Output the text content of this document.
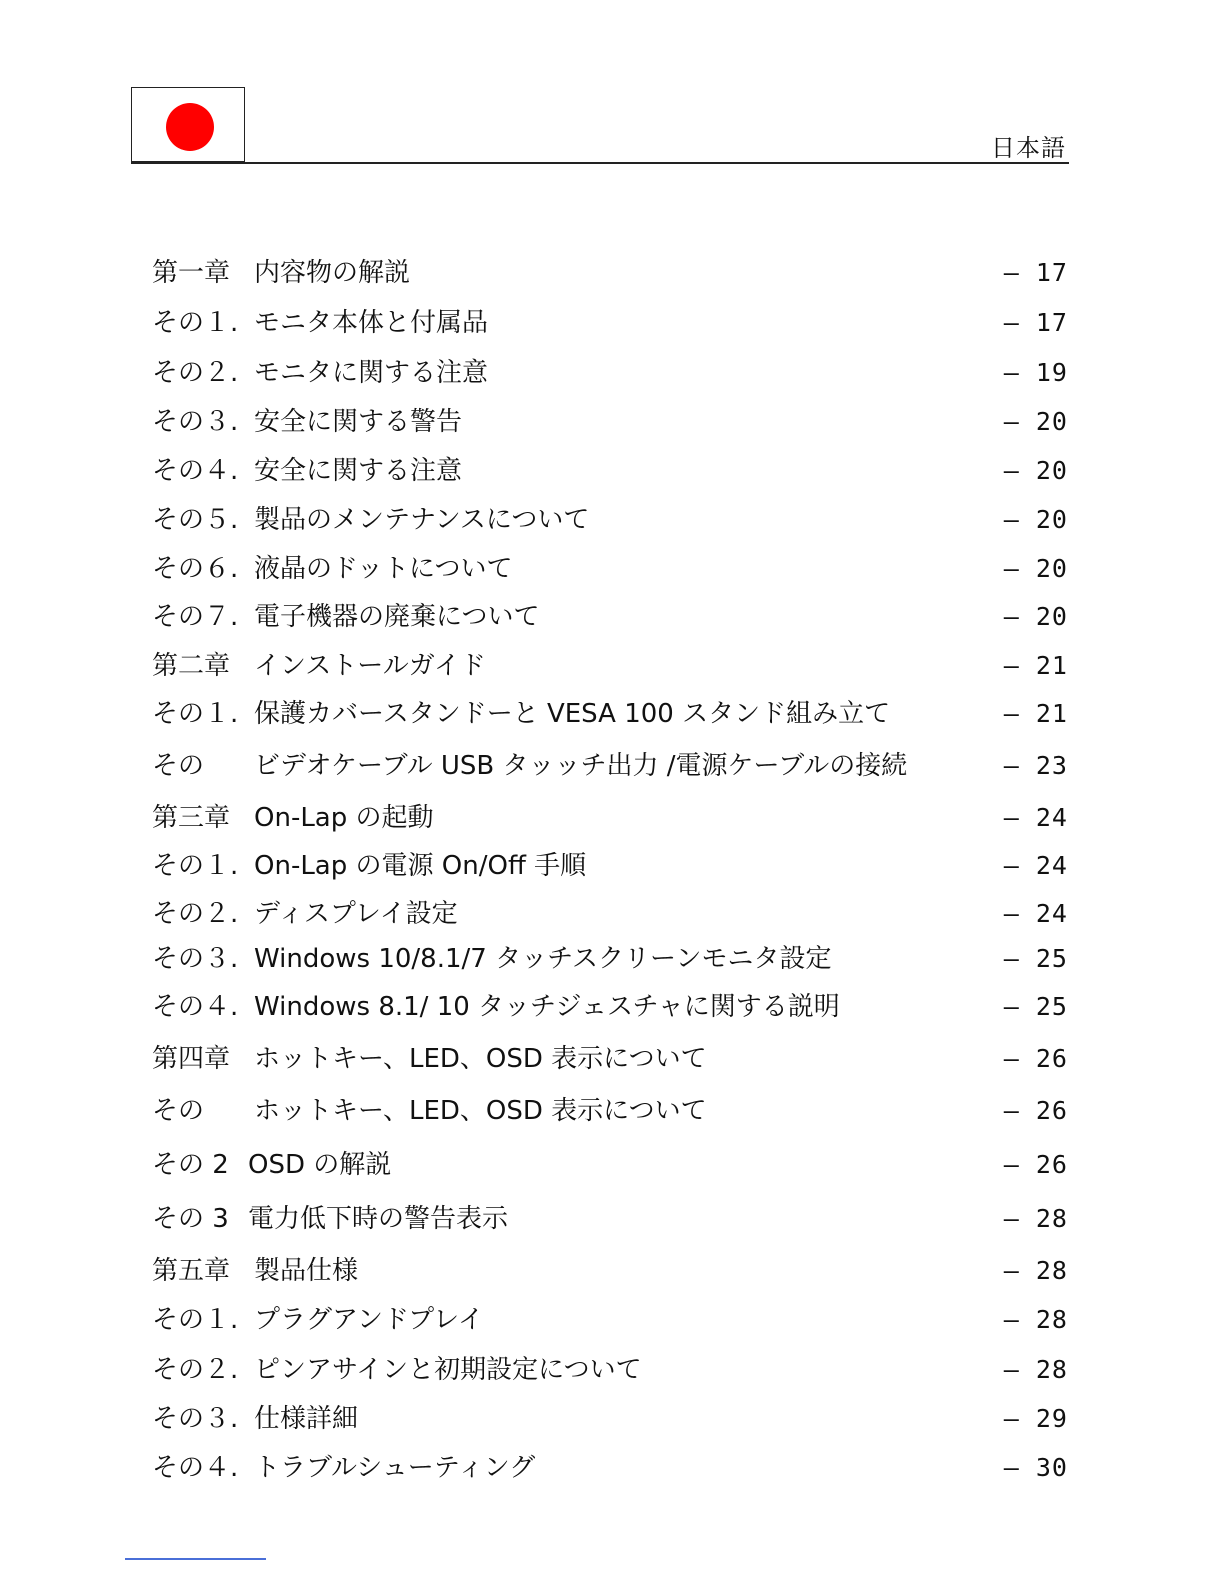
日本語
第一章 内容物の解説	– 17
その１. モニタ本体と付属品	– 17
その２. モニタに関する注意	– 19
その３. 安全に関する警告	– 20
その４. 安全に関する注意	– 20
その５. 製品のメンテナンスについて	– 20
その６. 液晶のドットについて	– 20
その７. 電子機器の廃棄について	– 20
第二章 インストールガイド	– 21
その１. 保護カバースタンドーと VESA 100 スタンド組み立て	– 21
その ビデオケーブル USB タッッチ出力 /電源ケーブルの接続	– 23
第三章 On-Lap の起動	– 24
その１. On-Lap の電源 On/Off 手順	– 24
その２. ディスプレイ設定	– 24
その３. Windows 10/8.1/7 タッチスクリーンモニタ設定	– 25
その４. Windows 8.1/ 10 タッチジェスチャに関する説明	– 25
第四章 ホットキー、LED、OSD 表示について	– 26
その ホットキー、LED、OSD 表示について	– 26
その 2 OSD の解説	– 26
その 3 電力低下時の警告表示	– 28
第五章 製品仕様	– 28
その１. プラグアンドプレイ	– 28
その２. ピンアサインと初期設定について	– 28
その３. 仕様詳細	– 29
その４. トラブルシューティング	– 30
